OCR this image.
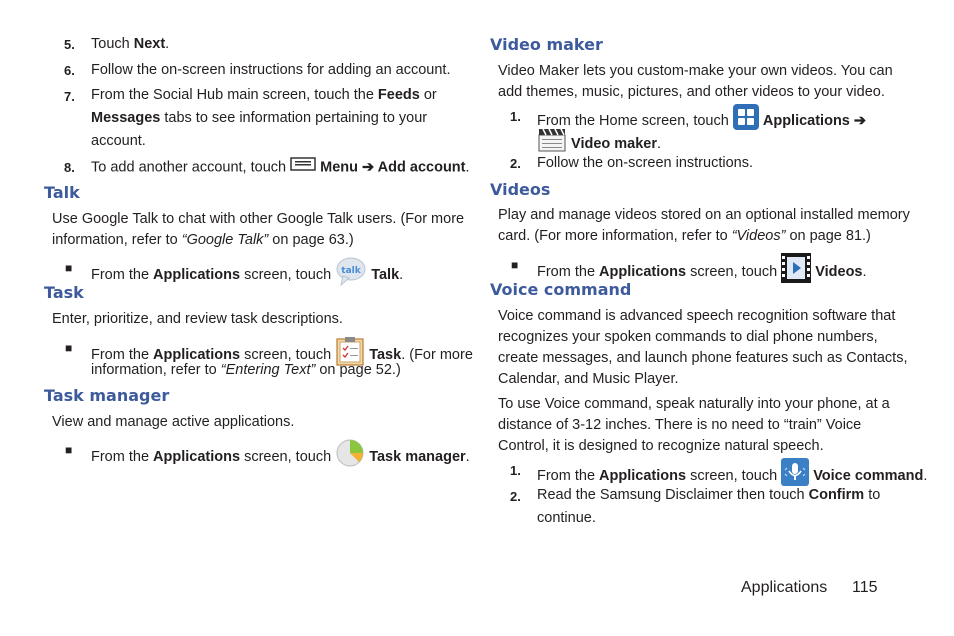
5. Touch Next.
6. Follow the on-screen instructions for adding an account.
7. From the Social Hub main screen, touch the Feeds or
Messages tabs to see information pertaining to your
account.
8. To add another account, touch  Menu ➔ Add account.
Talk
Use Google Talk to chat with other Google Talk users. (For more
information, refer to “Google Talk” on page 63.)
■ From the Applications screen, touch talk Talk.
Task
Enter, prioritize, and review task descriptions.
■ From the Applications screen, touch  Task. (For more
information, refer to “Entering Text” on page 52.)
Task manager
View and manage active applications.
■ From the Applications screen, touch  Task manager.
Video maker
Video Maker lets you custom-make your own videos. You can
add themes, music, pictures, and other videos to your video.
1. From the Home screen, touch  Applications ➔
Video maker.
2. Follow the on-screen instructions.
Videos
Play and manage videos stored on an optional installed memory
card. (For more information, refer to “Videos” on page 81.)
■ From the Applications screen, touch  Videos.
Voice command
Voice command is advanced speech recognition software that
recognizes your spoken commands to dial phone numbers,
create messages, and launch phone features such as Contacts,
Calendar, and Music Player.
To use Voice command, speak naturally into your phone, at a
distance of 3-12 inches. There is no need to “train” Voice
Control, it is designed to recognize natural speech.
1. From the Applications screen, touch  Voice command.
2. Read the Samsung Disclaimer then touch Confirm to
continue.
Applications 115
